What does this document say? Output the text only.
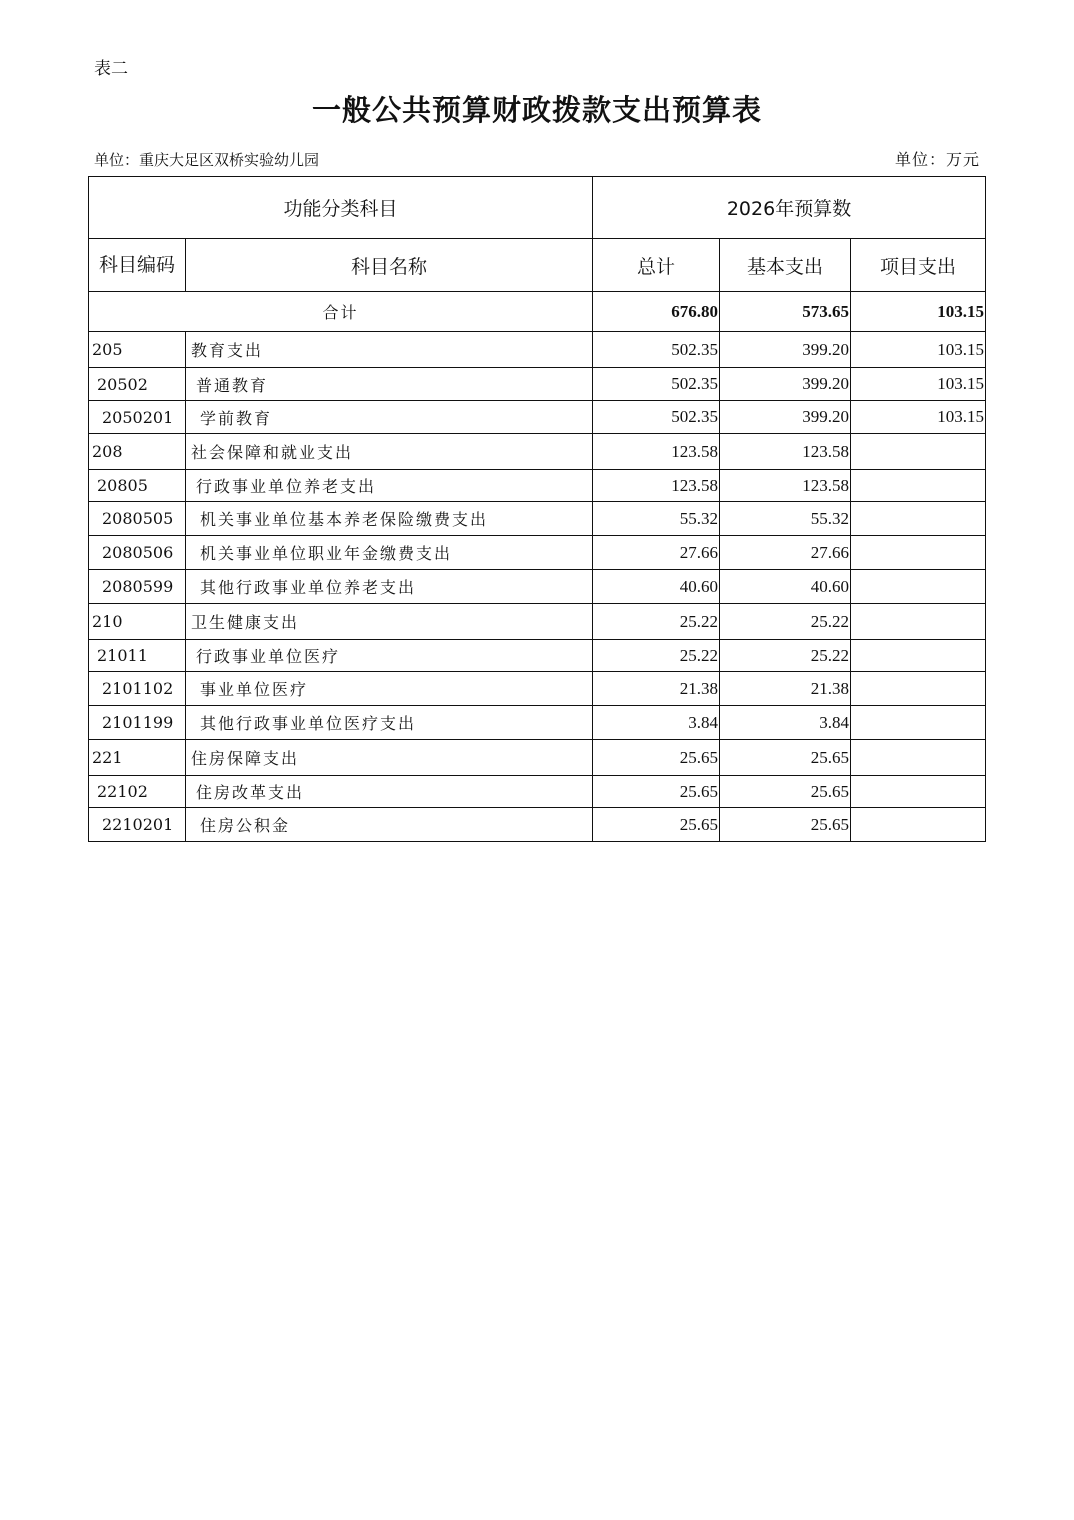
表二
一般公共预算财政拨款支出预算表
单位：重庆大足区双桥实验幼儿园	单位：万元
功能分类科目		2026年预算数		
科目编码	科目名称	总计	基本支出	项目支出
合计		676.80	573.65	103.15
205	教育支出	502.35	399.20	103.15
20502	普通教育	502.35	399.20	103.15
2050201	学前教育	502.35	399.20	103.15
208	社会保障和就业支出	123.58	123.58	
20805	行政事业单位养老支出	123.58	123.58	
2080505	机关事业单位基本养老保险缴费支出	55.32	55.32	
2080506	机关事业单位职业年金缴费支出	27.66	27.66	
2080599	其他行政事业单位养老支出	40.60	40.60	
210	卫生健康支出	25.22	25.22	
21011	行政事业单位医疗	25.22	25.22	
2101102	事业单位医疗	21.38	21.38	
2101199	其他行政事业单位医疗支出	3.84	3.84	
221	住房保障支出	25.65	25.65	
22102	住房改革支出	25.65	25.65	
2210201	住房公积金	25.65	25.65	
